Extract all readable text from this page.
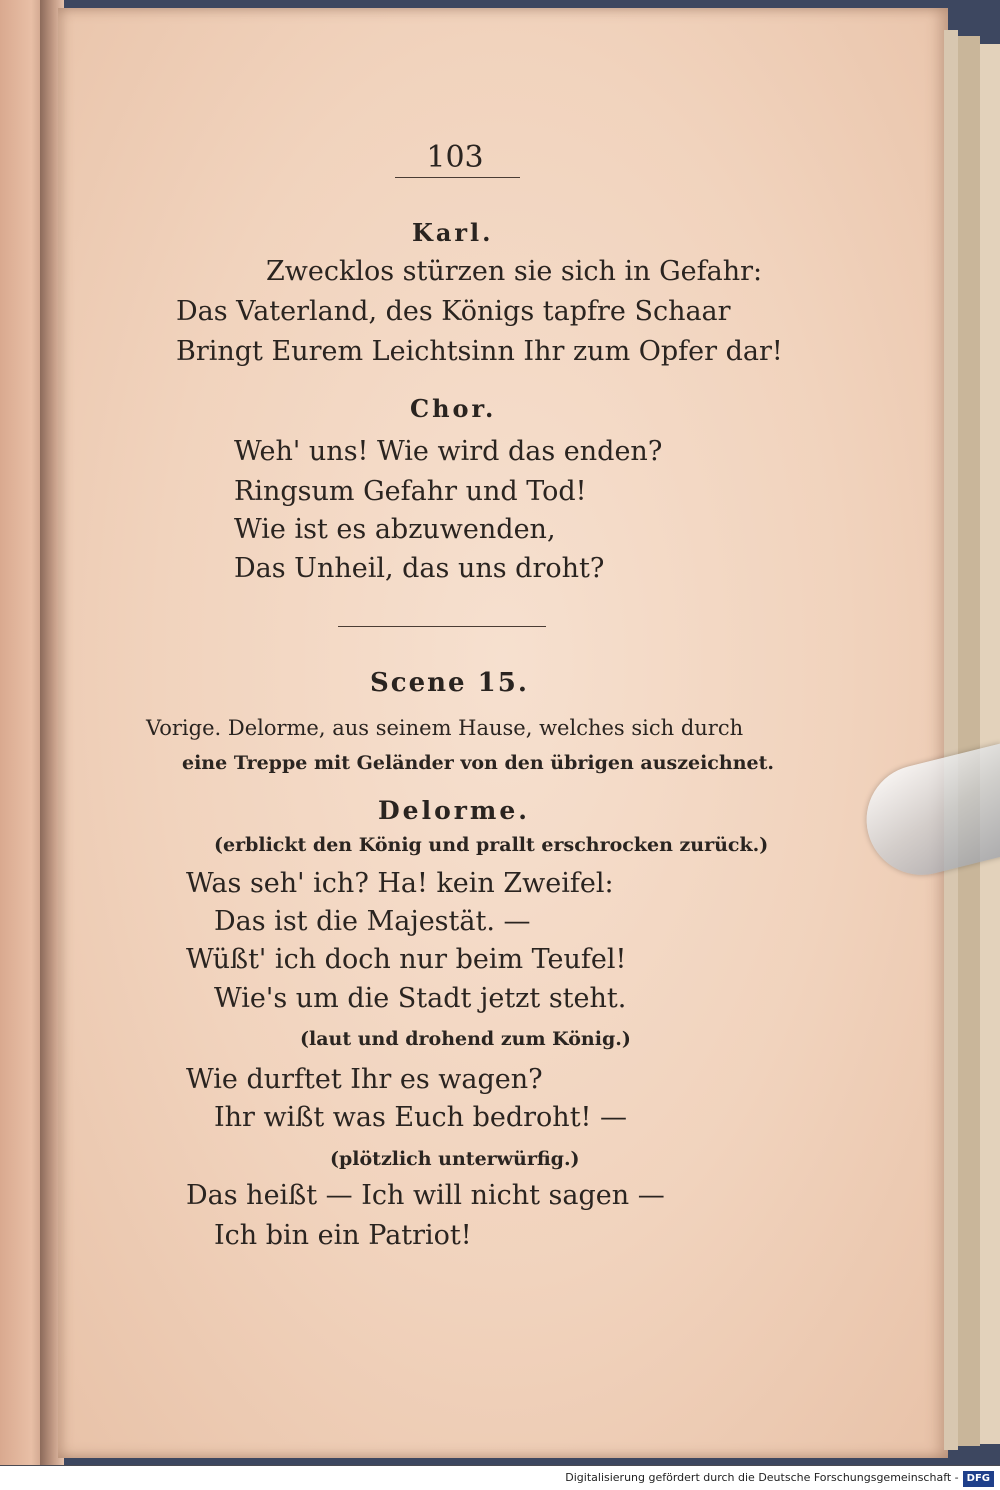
103
Karl.
Zwecklos stürzen sie sich in Gefahr:
Das Vaterland, des Königs tapfre Schaar
Bringt Eurem Leichtsinn Ihr zum Opfer dar!
Chor.
Weh' uns! Wie wird das enden?
Ringsum Gefahr und Tod!
Wie ist es abzuwenden,
Das Unheil, das uns droht?
Scene 15.
Vorige. Delorme, aus seinem Hause, welches sich durch
eine Treppe mit Geländer von den übrigen auszeichnet.
Delorme.
(erblickt den König und prallt erschrocken zurück.)
Was seh' ich? Ha! kein Zweifel:
Das ist die Majestät. —
Wüßt' ich doch nur beim Teufel!
Wie's um die Stadt jetzt steht.
(laut und drohend zum König.)
Wie durftet Ihr es wagen?
Ihr wißt was Euch bedroht! —
(plötzlich unterwürfig.)
Das heißt — Ich will nicht sagen —
Ich bin ein Patriot!
Digitalisierung gefördert durch die Deutsche Forschungsgemeinschaft - DFG
